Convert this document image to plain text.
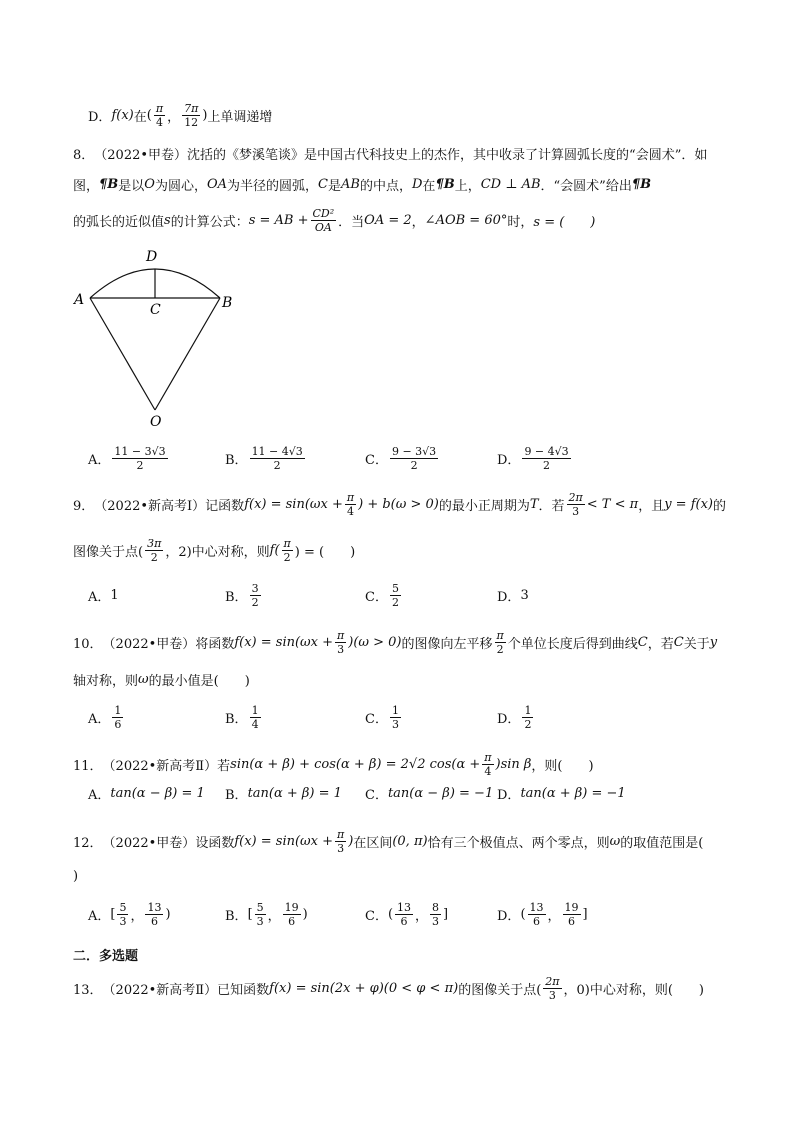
D． f(x) 在 ( $\frac{\pi}{4}$ ， $\frac{7\pi}{12}$ ) 上单调递增
8． （2022•甲卷） 沈括的《梦溪笔谈》是中国古代科技史上的杰作，其中收录了计算圆弧长度的“会圆术”．如
图， ¶B 是以 O 为圆心， OA 为半径的圆弧， C 是 AB 的中点， D 在 ¶B 上， CD ⊥ AB ．“会圆术”给出 ¶B
的弧长的近似值 s 的计算公式： s = AB + $\frac{\text{CD²}}{OA}$ ．当 OA = 2 ， ∠AOB = 60° 时， s = (　　)
D
A	B
C
O
A． $\frac{11 - 3√3}{2}$	B． $\frac{11 - 4√3}{2}$	C． $\frac{9 - 3√3}{2}$	D． $\frac{9 - 4√3}{2}$
9． （2022•新高考Ⅰ） 记函数 $f(x) = \sin(\omega x + \frac{\pi}{4}$ ) + b(ω > 0) 的最小正周期为 T ．若 $\frac{2\pi}{3} < T < \pi$ ，且 y = f(x) 的
图像关于点( $\frac{3\pi}{2}$ ，2)中心对称，则 $f( \frac{\pi}{2}$ ) = (　　)
A． 1	B． $\frac{3}{2}$	C． $\frac{5}{2}$	D． 3
10． （2022•甲卷） 将函数 $f(x) = \sin(\omega x + \frac{\pi}{3} )(\omega > 0)$ 的图像向左平移 $\frac{\pi}{2}$ 个单位长度后得到曲线 C ，若 C 关于 y
轴对称，则 ω 的最小值是(　　)
A． $\frac{1}{6}$	B． $\frac{1}{4}$	C． $\frac{1}{3}$	D． $\frac{1}{2}$
11． （2022•新高考Ⅱ） 若 sin(α + β) + cos(α + β) = 2√2 $\cos(\alpha + \frac{\pi}{4} )\sin$ β ，则(　　)
A． tan(α − β) = 1 B． tan(α + β) = 1 C． tan(α − β) = −1 D． tan(α + β) = −1
12． （2022•甲卷） 设函数 $f(x) = \sin(\omega x + \frac{\pi}{3}$ ) 在区间 (0, π) 恰有三个极值点、两个零点，则 ω 的取值范围是(
)
A． [ $\frac{5}{3}$ ， $\frac{13}{6}$ )	B． [ $\frac{5}{3}$ ， $\frac{19}{6}$ )	C． ( $\frac{13}{6}$ ， $\frac{8}{3}$ ]	D． ( $\frac{13}{6}$ ， $\frac{19}{6}$ ]
二．多选题
13． （2022•新高考Ⅱ） 已知函数 f(x) = sin(2x + φ)(0 < φ < π) 的图像关于点( $\frac{2\pi}{3}$ ，0)中心对称，则(　　)
